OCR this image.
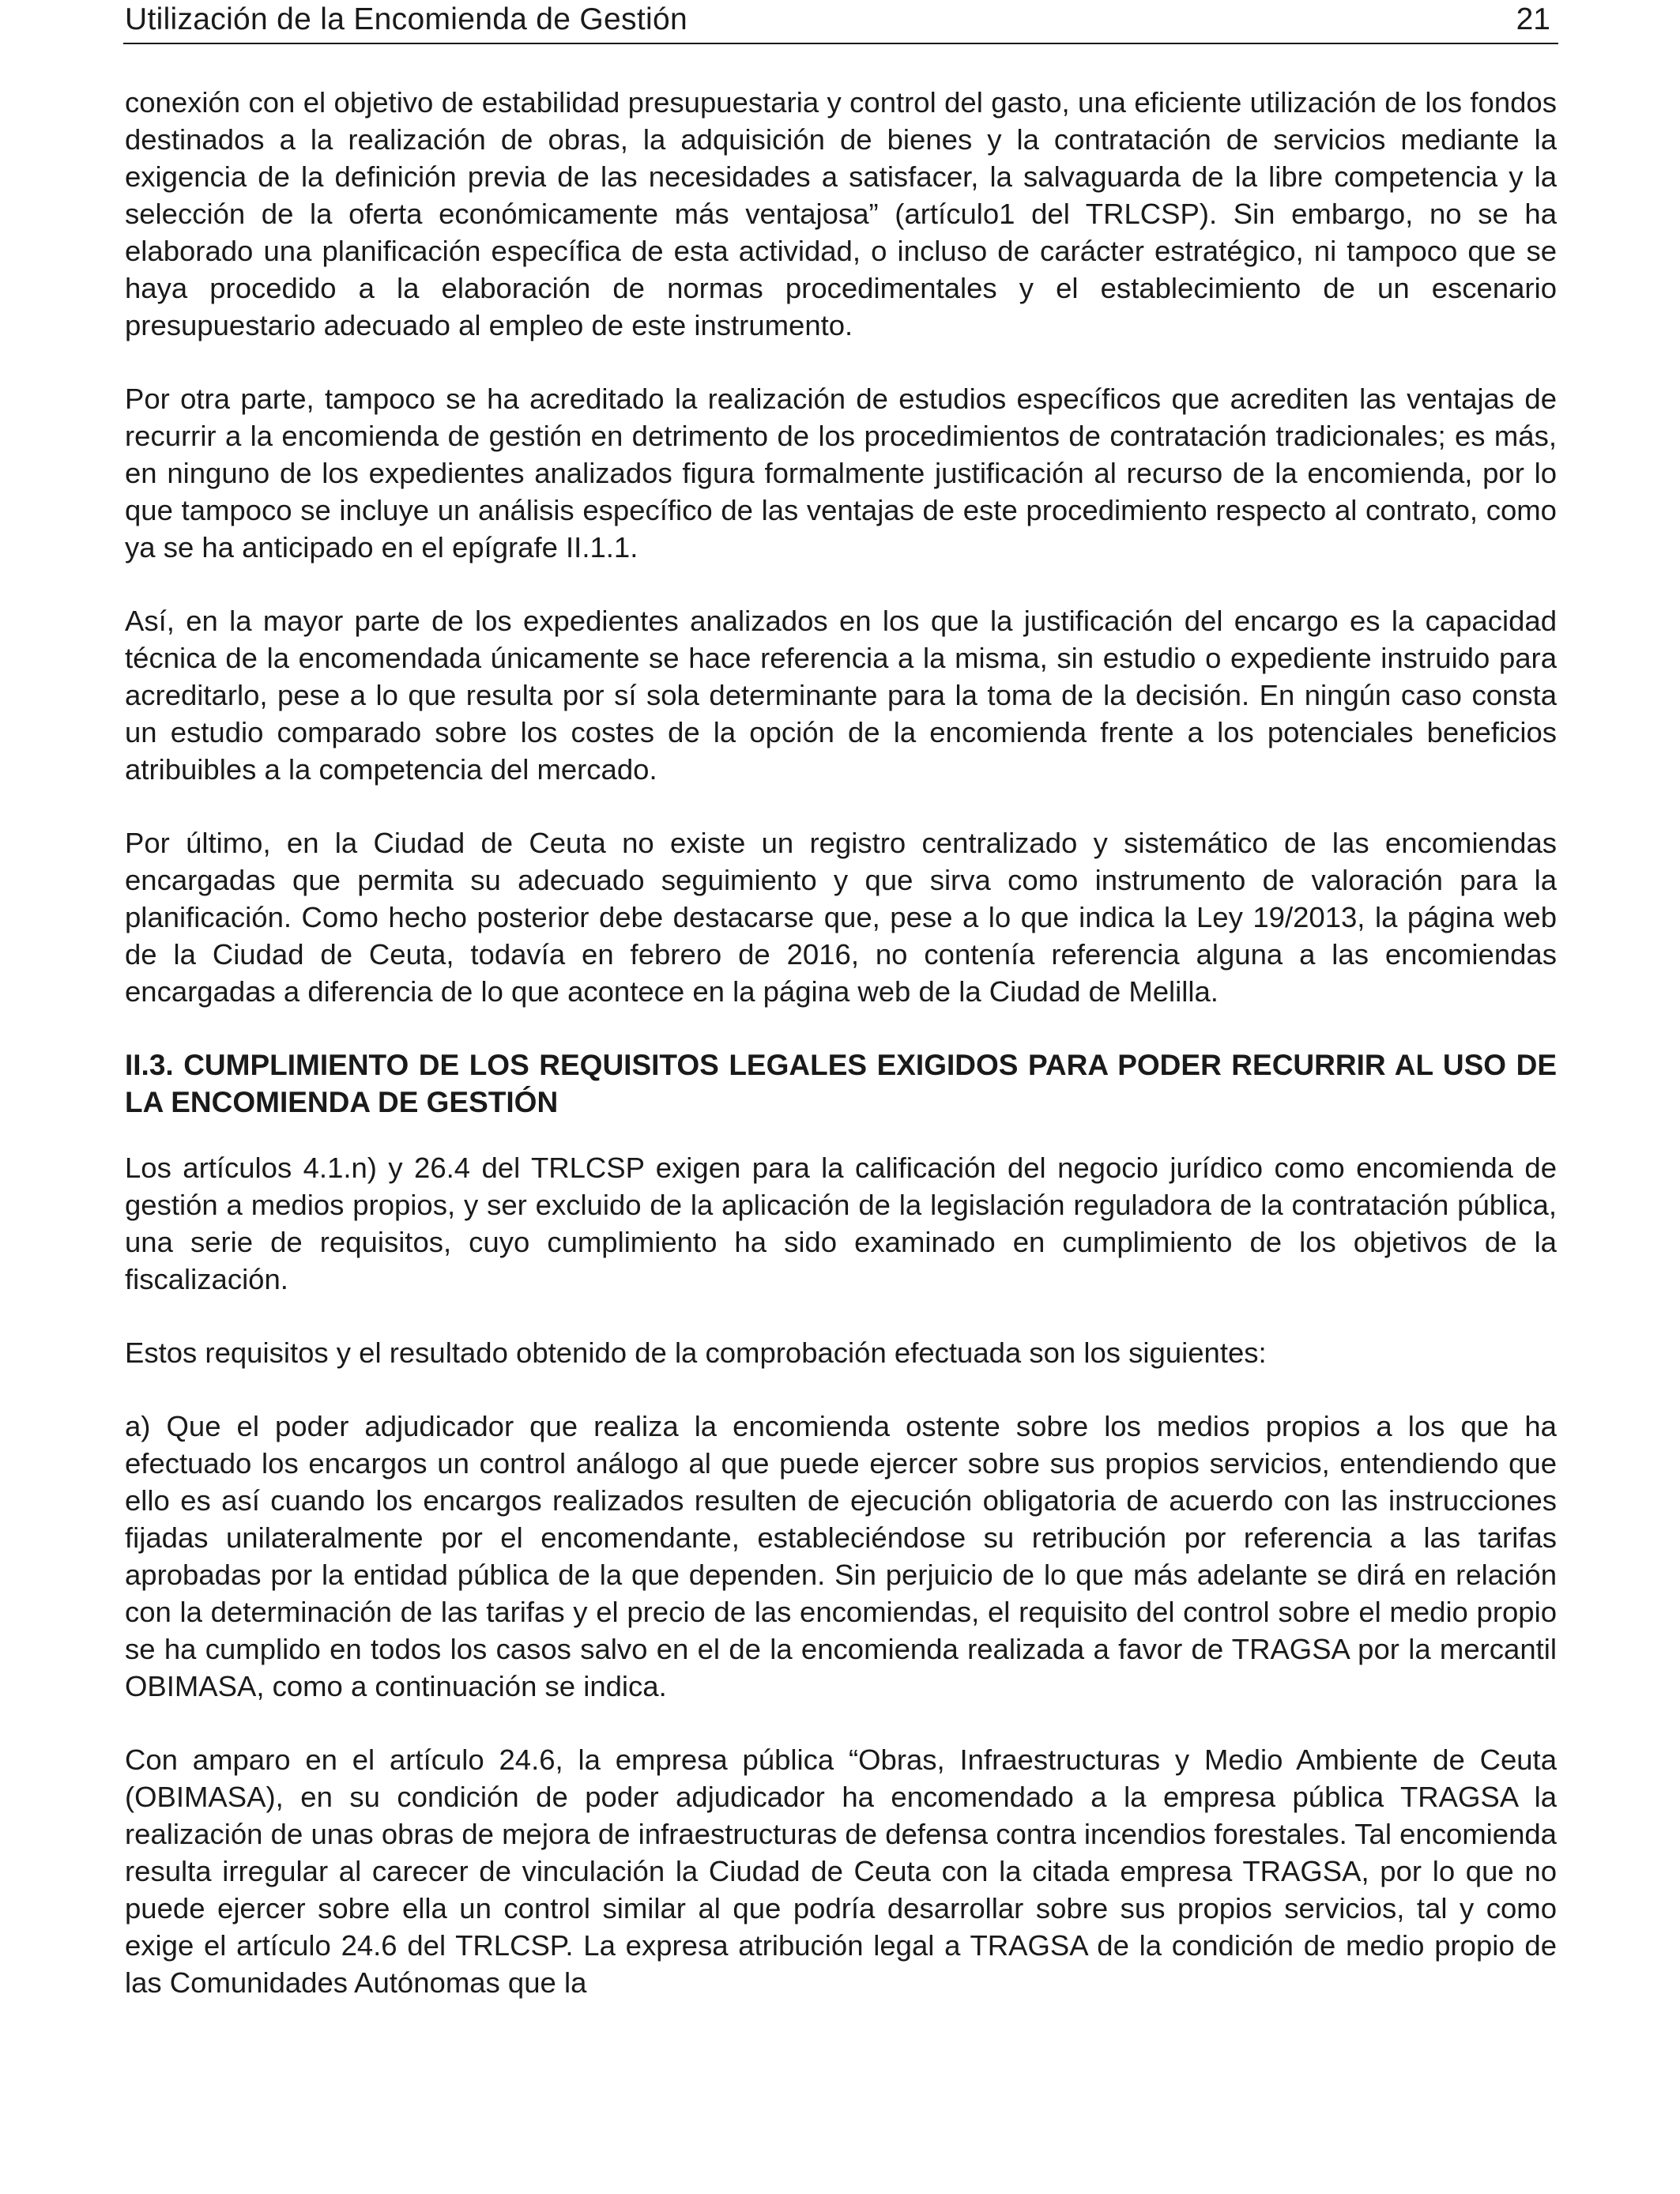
Utilización de la Encomienda de Gestión	21

conexión con el objetivo de estabilidad presupuestaria y control del gasto, una eficiente utilización de los fondos destinados a la realización de obras, la adquisición de bienes y la contratación de servicios mediante la exigencia de la definición previa de las necesidades a satisfacer, la salvaguarda de la libre competencia y la selección de la oferta económicamente más ventajosa” (artículo1 del TRLCSP). Sin embargo, no se ha elaborado una planificación específica de esta actividad, o incluso de carácter estratégico, ni tampoco que se haya procedido a la elaboración de normas procedimentales y el establecimiento de un escenario presupuestario adecuado al empleo de este instrumento.

Por otra parte, tampoco se ha acreditado la realización de estudios específicos que acrediten las ventajas de recurrir a la encomienda de gestión en detrimento de los procedimientos de contratación tradicionales; es más, en ninguno de los expedientes analizados figura formalmente justificación al recurso de la encomienda, por lo que tampoco se incluye un análisis específico de las ventajas de este procedimiento respecto al contrato, como ya se ha anticipado en el epígrafe II.1.1.

Así, en la mayor parte de los expedientes analizados en los que la justificación del encargo es la capacidad técnica de la encomendada únicamente se hace referencia a la misma, sin estudio o expediente instruido para acreditarlo, pese a lo que resulta por sí sola determinante para la toma de la decisión. En ningún caso consta un estudio comparado sobre los costes de la opción de la encomienda frente a los potenciales beneficios atribuibles a la competencia del mercado.

Por último, en la Ciudad de Ceuta no existe un registro centralizado y sistemático de las encomiendas encargadas que permita su adecuado seguimiento y que sirva como instrumento de valoración para la planificación. Como hecho posterior debe destacarse que, pese a lo que indica la Ley 19/2013, la página web de la Ciudad de Ceuta, todavía en febrero de 2016, no contenía referencia alguna a las encomiendas encargadas a diferencia de lo que acontece en la página web de la Ciudad de Melilla.

II.3. CUMPLIMIENTO DE LOS REQUISITOS LEGALES EXIGIDOS PARA PODER RECURRIR AL USO DE LA ENCOMIENDA DE GESTIÓN

Los artículos 4.1.n) y 26.4 del TRLCSP exigen para la calificación del negocio jurídico como encomienda de gestión a medios propios, y ser excluido de la aplicación de la legislación reguladora de la contratación pública, una serie de requisitos, cuyo cumplimiento ha sido examinado en cumplimiento de los objetivos de la fiscalización.

Estos requisitos y el resultado obtenido de la comprobación efectuada son los siguientes:

a) Que el poder adjudicador que realiza la encomienda ostente sobre los medios propios a los que ha efectuado los encargos un control análogo al que puede ejercer sobre sus propios servicios, entendiendo que ello es así cuando los encargos realizados resulten de ejecución obligatoria de acuerdo con las instrucciones fijadas unilateralmente por el encomendante, estableciéndose su retribución por referencia a las tarifas aprobadas por la entidad pública de la que dependen. Sin perjuicio de lo que más adelante se dirá en relación con la determinación de las tarifas y el precio de las encomiendas, el requisito del control sobre el medio propio se ha cumplido en todos los casos salvo en el de la encomienda realizada a favor de TRAGSA por la mercantil OBIMASA, como a continuación se indica.

Con amparo en el artículo 24.6, la empresa pública “Obras, Infraestructuras y Medio Ambiente de Ceuta (OBIMASA), en su condición de poder adjudicador ha encomendado a la empresa pública TRAGSA la realización de unas obras de mejora de infraestructuras de defensa contra incendios forestales. Tal encomienda resulta irregular al carecer de vinculación la Ciudad de Ceuta con la citada empresa TRAGSA, por lo que no puede ejercer sobre ella un control similar al que podría desarrollar sobre sus propios servicios, tal y como exige el artículo 24.6 del TRLCSP. La expresa atribución legal a TRAGSA de la condición de medio propio de las Comunidades Autónomas que la
